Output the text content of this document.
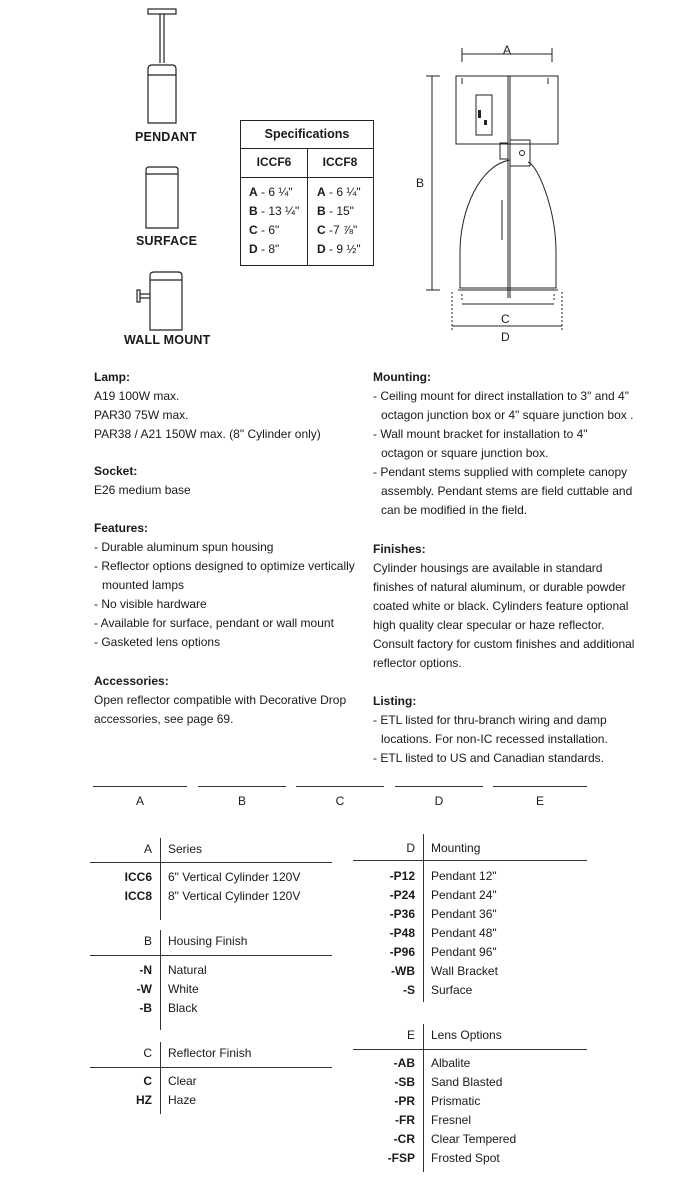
PENDANT
SURFACE
WALL MOUNT
Specifications
ICCF6	ICCF8
A - 6 ¼"
B - 13 ¼"
C - 6"
D - 8"
A - 6 ¼"
B - 15"
C -7 ⅞"
D - 9 ½"
A
B
C
D
Lamp:
A19 100W max.
PAR30 75W max.
PAR38 / A21 150W max. (8" Cylinder only)
Socket:
E26 medium base
Features:
- Durable aluminum spun housing
- Reflector options designed to optimize vertically
mounted lamps
- No visible hardware
- Available for surface, pendant or wall mount
- Gasketed lens options
Accessories:
Open reflector compatible with Decorative Drop
accessories, see page 69.
Mounting:
- Ceiling mount for direct installation to 3" and 4"
octagon junction box or 4" square junction box .
- Wall mount bracket for installation to 4"
octagon or square junction box.
- Pendant stems supplied with complete canopy
assembly. Pendant stems are field cuttable and
can be modified in the field.
Finishes:
Cylinder housings are available in standard
finishes of natural aluminum, or durable powder
coated white or black. Cylinders feature optional
high quality clear specular or haze reflector.
Consult factory for custom finishes and additional
reflector options.
Listing:
- ETL listed for thru-branch wiring and damp
locations. For non-IC recessed installation.
- ETL listed to US and Canadian standards.
A	B	C	D	E
A Series
ICC6 6" Vertical Cylinder 120V
ICC8 8" Vertical Cylinder 120V
B Housing Finish
-N Natural
-W White
-B Black
C Reflector Finish
C Clear
HZ Haze
D Mounting
-P12 Pendant 12"
-P24 Pendant 24"
-P36 Pendant 36"
-P48 Pendant 48"
-P96 Pendant 96"
-WB Wall Bracket
-S Surface
E Lens Options
-AB Albalite
-SB Sand Blasted
-PR Prismatic
-FR Fresnel
-CR Clear Tempered
-FSP Frosted Spot
